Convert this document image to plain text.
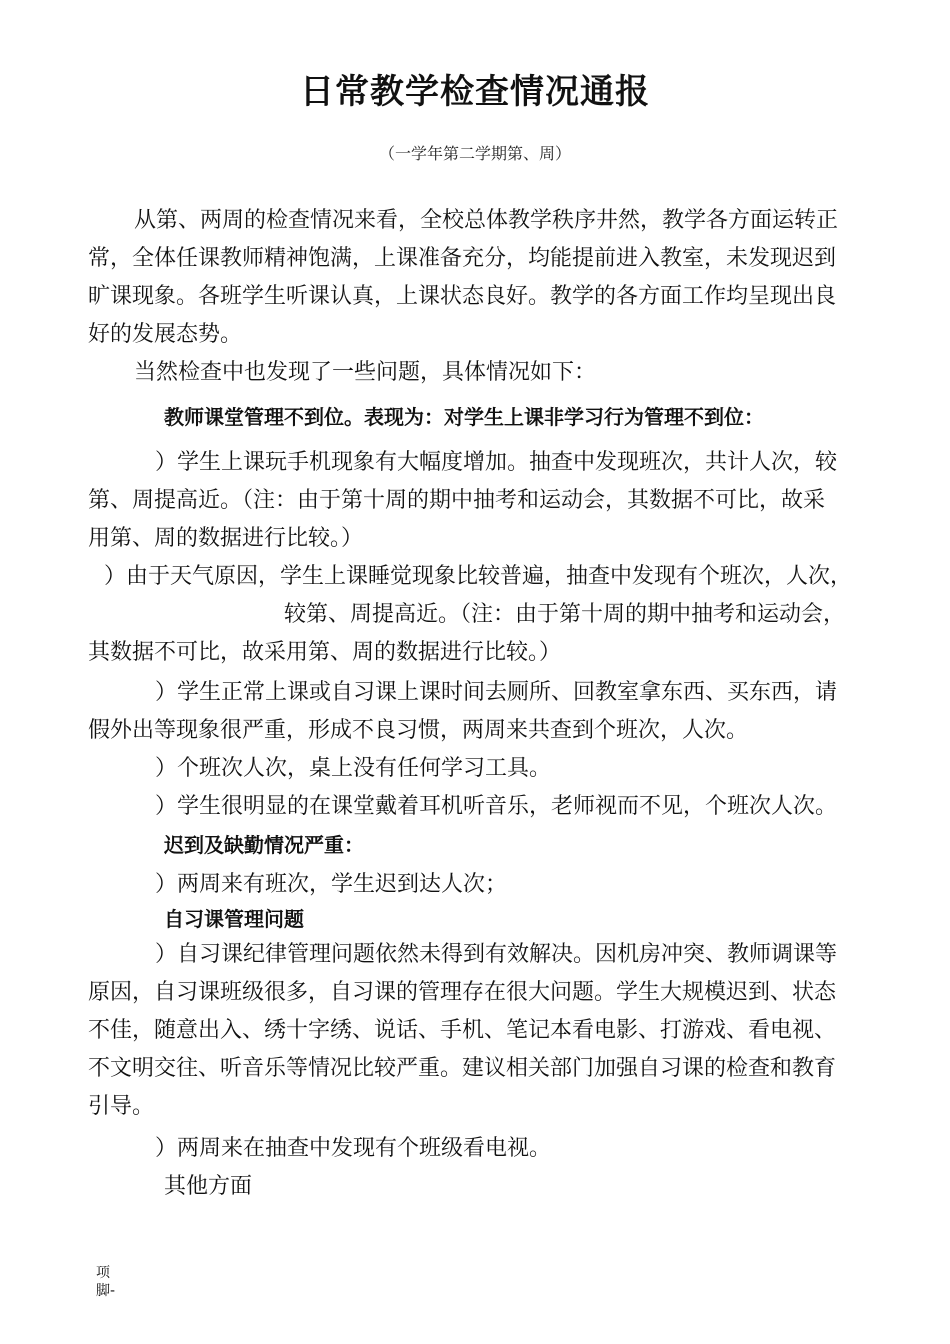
日常教学检查情况通报
（一学年第二学期第、周）
从第、两周的检查情况来看，全校总体教学秩序井然，教学各方面运转正
常，全体任课教师精神饱满，上课准备充分，均能提前进入教室，未发现迟到
旷课现象。各班学生听课认真，上课状态良好。教学的各方面工作均呈现出良
好的发展态势。
当然检查中也发现了一些问题，具体情况如下：
教师课堂管理不到位。表现为：对学生上课非学习行为管理不到位：
）学生上课玩手机现象有大幅度增加。抽查中发现班次，共计人次，较
第、周提高近。（注：由于第十周的期中抽考和运动会，其数据不可比，故采
用第、周的数据进行比较。）
）由于天气原因，学生上课睡觉现象比较普遍，抽查中发现有个班次，人次，
较第、周提高近。（注：由于第十周的期中抽考和运动会，
其数据不可比，故采用第、周的数据进行比较。）
）学生正常上课或自习课上课时间去厕所、回教室拿东西、买东西，请
假外出等现象很严重，形成不良习惯，两周来共查到个班次，人次。
）个班次人次，桌上没有任何学习工具。
）学生很明显的在课堂戴着耳机听音乐，老师视而不见，个班次人次。
迟到及缺勤情况严重：
）两周来有班次，学生迟到达人次；
自习课管理问题
）自习课纪律管理问题依然未得到有效解决。因机房冲突、教师调课等
原因，自习课班级很多，自习课的管理存在很大问题。学生大规模迟到、状态
不佳，随意出入、绣十字绣、说话、手机、笔记本看电影、打游戏、看电视、
不文明交往、听音乐等情况比较严重。建议相关部门加强自习课的检查和教育
引导。
）两周来在抽查中发现有个班级看电视。
其他方面
项
脚-
